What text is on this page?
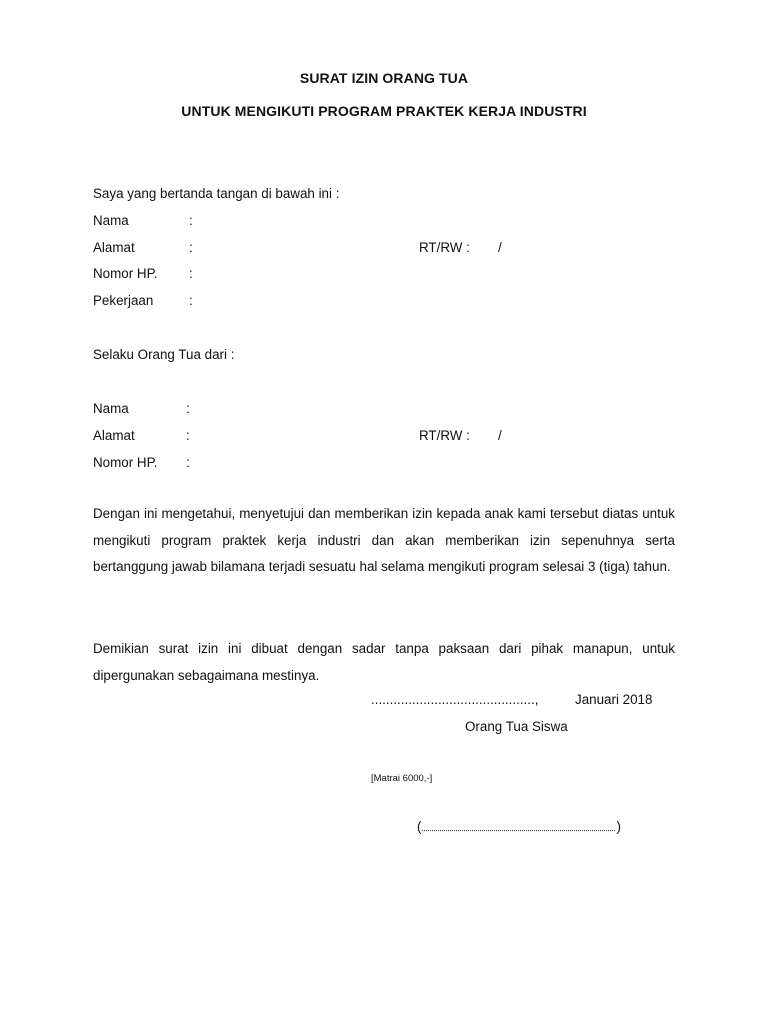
SURAT IZIN ORANG TUA
UNTUK MENGIKUTI PROGRAM PRAKTEK KERJA INDUSTRI
Saya yang bertanda tangan di bawah ini :
Nama	:
Alamat	:	RT/RW : /
Nomor HP. :
Pekerjaan	:
Selaku Orang Tua dari :
Nama	:
Alamat	:	RT/RW : /
Nomor HP. :
Dengan ini mengetahui, menyetujui dan memberikan izin kepada anak kami tersebut diatas untuk mengikuti program praktek kerja industri dan akan memberikan izin sepenuhnya serta bertanggung jawab bilamana terjadi sesuatu hal selama mengikuti program selesai 3 (tiga) tahun.
Demikian surat izin ini dibuat dengan sadar tanpa paksaan dari pihak manapun, untuk dipergunakan sebagaimana mestinya.
............................................,	Januari 2018
Orang Tua Siswa
[Matrai 6000,-]
(	)
